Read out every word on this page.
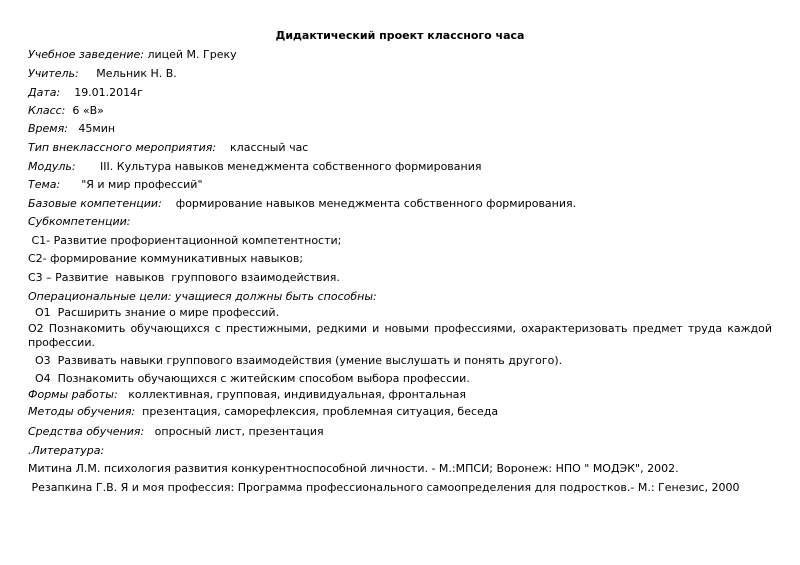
Дидактический проект классного часа
Учебное заведение: лицей М. Греку
Учитель:     Мельник Н. В.
Дата:    19.01.2014г
Класс:  6 «В»
Время:   45мин
Тип внеклассного мероприятия:    классный час
Модуль:       III. Культура навыков менеджмента собственного формирования
Тема:      "Я и мир профессий"
Базовые компетенции:    формирование навыков менеджмента собственного формирования.
Субкомпетенции:
С1- Развитие профориентационной компетентности;
С2- формирование коммуникативных навыков;
С3 – Развитие  навыков  группового взаимодействия.
Операциональные цели: учащиеся должны быть способны:
О1  Расширить знание о мире профессий.
О2 Познакомить обучающихся с престижными, редкими и новыми профессиями, охарактеризовать предмет труда каждой профессии.
О3  Развивать навыки группового взаимодействия (умение выслушать и понять другого).
О4  Познакомить обучающихся с житейским способом выбора профессии.
Формы работы:   коллективная, групповая, индивидуальная, фронтальная
Методы обучения:  презентация, саморефлексия, проблемная ситуация, беседа
Средства обучения:   опросный лист, презентация
.Литература:
Митина Л.М. психология развития конкурентноспособной личности. - М.:МПСИ; Воронеж: НПО " МОДЭК", 2002.
Резапкина Г.В. Я и моя профессия: Программа профессионального самоопределения для подростков.- М.: Генезис, 2000
